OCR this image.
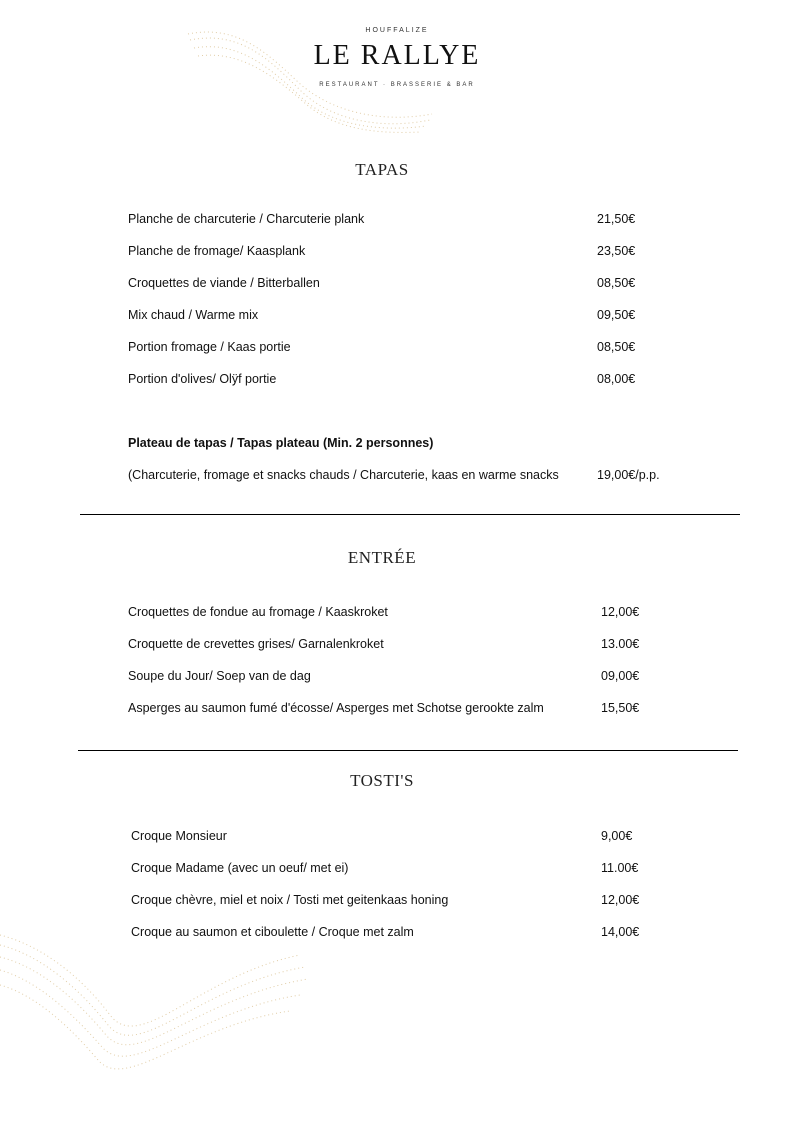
HOUFFALIZE
LE RALLYE
RESTAURANT · BRASSERIE & BAR
TAPAS
Planche de charcuterie / Charcuterie plank	21,50€
Planche de fromage/ Kaasplank	23,50€
Croquettes de viande / Bitterballen	08,50€
Mix chaud / Warme mix	09,50€
Portion fromage / Kaas portie	08,50€
Portion d'olives/ Olÿf portie	08,00€
Plateau de tapas / Tapas plateau (Min. 2 personnes)
(Charcuterie, fromage et snacks chauds / Charcuterie, kaas en warme snacks	19,00€/p.p.
ENTRÉE
Croquettes de fondue au fromage / Kaaskroket	12,00€
Croquette de crevettes grises/ Garnalenkroket	13.00€
Soupe du Jour/ Soep van de dag	09,00€
Asperges au saumon fumé d'écosse/ Asperges met Schotse gerookte zalm	15,50€
TOSTI'S
Croque Monsieur	9,00€
Croque Madame (avec un oeuf/ met ei)	11.00€
Croque chèvre, miel et noix / Tosti met geitenkaas honing	12,00€
Croque au saumon et ciboulette / Croque met zalm	14,00€
